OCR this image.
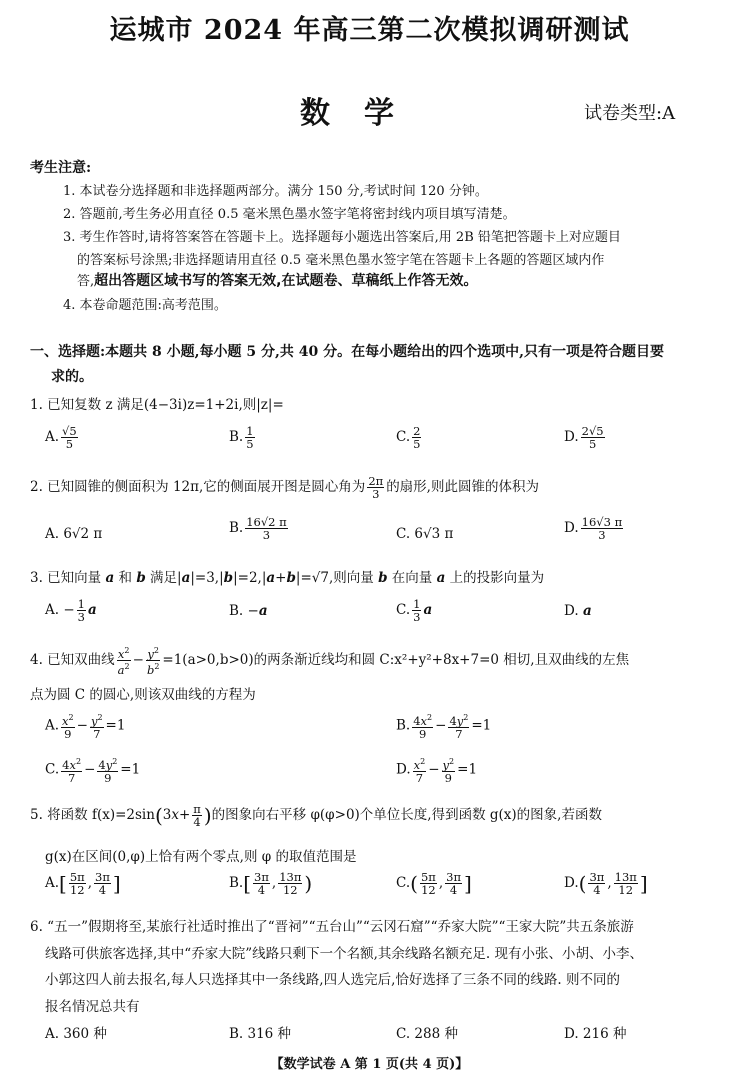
运城市 2024 年高三第二次模拟调研测试
数学	试卷类型:A
考生注意:
1. 本试卷分选择题和非选择题两部分。满分 150 分,考试时间 120 分钟。
2. 答题前,考生务必用直径 0.5 毫米黑色墨水签字笔将密封线内项目填写清楚。
3. 考生作答时,请将答案答在答题卡上。选择题每小题选出答案后,用 2B 铅笔把答题卡上对应题目
的答案标号涂黑;非选择题请用直径 0.5 毫米黑色墨水签字笔在答题卡上各题的答题区域内作
答,超出答题区域书写的答案无效,在试题卷、草稿纸上作答无效。
4. 本卷命题范围:高考范围。
一、选择题:本题共 8 小题,每小题 5 分,共 40 分。在每小题给出的四个选项中,只有一项是符合题目要
求的。
1. 已知复数 z 满足(4−3i)z=1+2i,则|z|=
A. $\frac{√5}{5}$	B. $\frac{1}{5}$	C. $\frac{2}{5}$	D. $\frac{2√5}{5}$
2. 已知圆锥的侧面积为 12π,它的侧面展开图是圆心角为 $\frac{2\pi}{3}$ 的扇形,则此圆锥的体积为
A. 6√2 π	B. $\frac{16√2 \pi}{3}$	C. 6√3 π	D. $\frac{16√3 \pi}{3}$
3. 已知向量 a 和 b 满足|a|=3,|b|=2,|a+b|=√7,则向量 b 在向量 a 上的投影向量为
A. − $\frac{1}{3}$ a	B. −a	C. $\frac{1}{3}$ a	D. a
4. 已知双曲线 $\frac{x^2}{a^2} - \frac{y^2}{b^2} =1(a>0,b>0)$的两条渐近线均和圆 C:x²+y²+8x+7=0 相切,且双曲线的左焦
点为圆 C 的圆心,则该双曲线的方程为
A. $\frac{x^2}{9} - \frac{y^2}{7} =1$	B. $\frac{4x^2}{9} - \frac{4y^2}{7} =1$
C. $\frac{4x^2}{7} - \frac{4y^2}{9} =1$	D. $\frac{x^2}{7} - \frac{y^2}{9} =1$
5. 将函数 $f(x)=2\sin(3x+ \frac{\pi}{4}$ )的图象向右平移 φ(φ>0)个单位长度,得到函数 g(x)的图象,若函数
g(x)在区间(0,φ)上恰有两个零点,则 φ 的取值范围是
$A.[ \frac{5\pi}{12}$ , $\frac{3\pi}{4}$ ]	$B.[ \frac{3\pi}{4}$ , $\frac{13\pi}{12}$ )	$C.( \frac{5\pi}{12}$ , $\frac{3\pi}{4}$ ]	$D.( \frac{3\pi}{4}$ , $\frac{13\pi}{12}$ ]
6. “五一”假期将至,某旅行社适时推出了“晋祠”“五台山”“云冈石窟”“乔家大院”“王家大院”共五条旅游
线路可供旅客选择,其中“乔家大院”线路只剩下一个名额,其余线路名额充足. 现有小张、小胡、小李、
小郭这四人前去报名,每人只选择其中一条线路,四人选完后,恰好选择了三条不同的线路. 则不同的
报名情况总共有
A. 360 种	B. 316 种	C. 288 种	D. 216 种
【数学试卷 A 第 1 页(共 4 页)】
